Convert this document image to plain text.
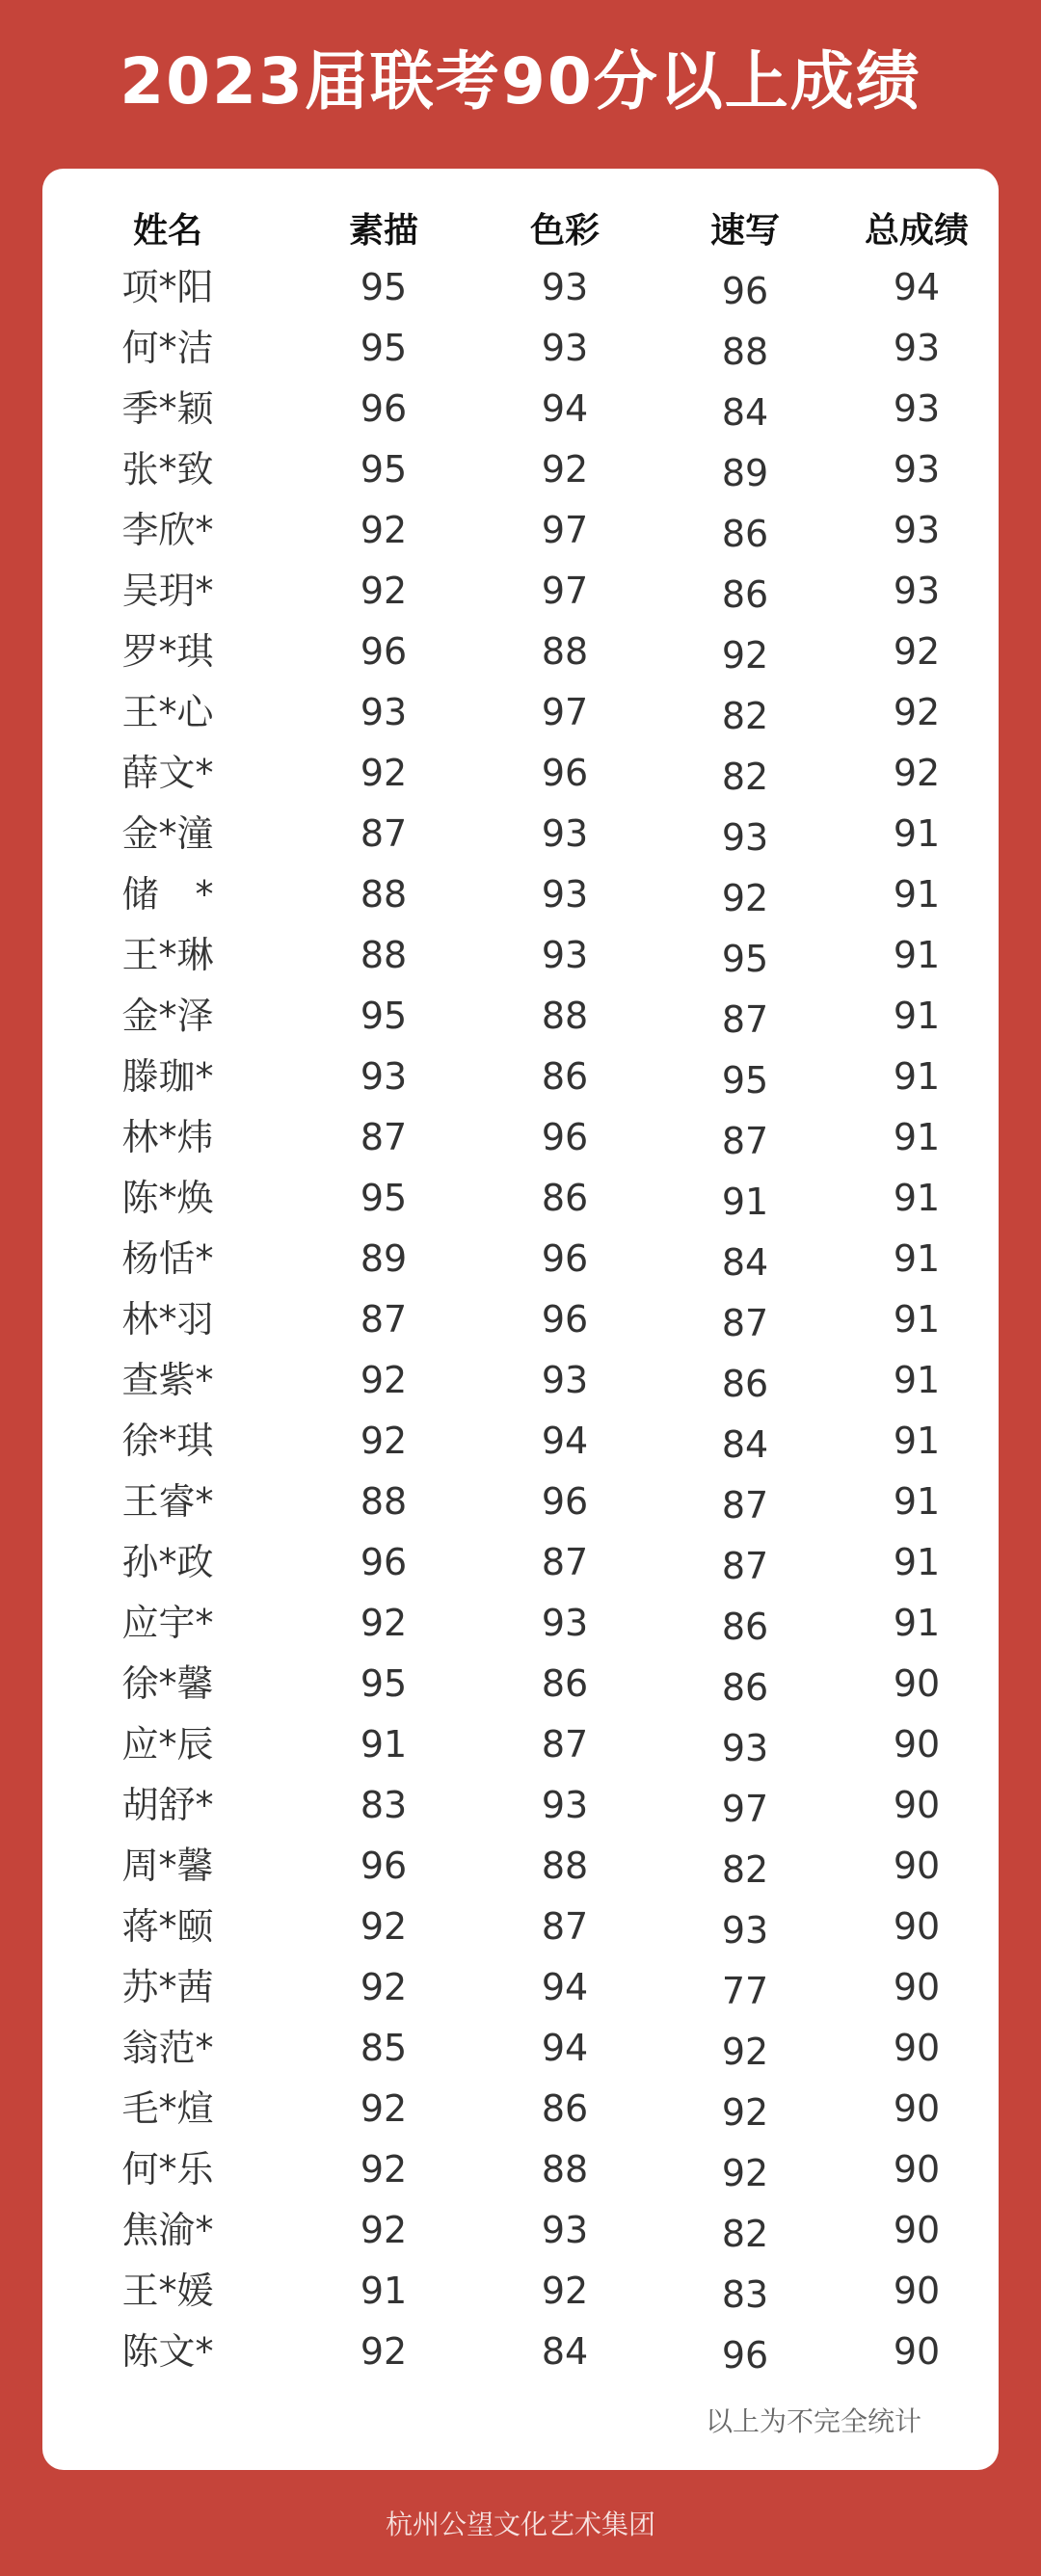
2023届联考90分以上成绩
姓名	素描	色彩	速写	总成绩
项*阳	95	93	96	94
何*洁	95	93	88	93
季*颖	96	94	84	93
张*致	95	92	89	93
李欣*	92	97	86	93
吴玥*	92	97	86	93
罗*琪	96	88	92	92
王*心	93	97	82	92
薛文*	92	96	82	92
金*潼	87	93	93	91
储　*	88	93	92	91
王*琳	88	93	95	91
金*泽	95	88	87	91
滕珈*	93	86	95	91
林*炜	87	96	87	91
陈*焕	95	86	91	91
杨恬*	89	96	84	91
林*羽	87	96	87	91
查紫*	92	93	86	91
徐*琪	92	94	84	91
王睿*	88	96	87	91
孙*政	96	87	87	91
应宇*	92	93	86	91
徐*馨	95	86	86	90
应*辰	91	87	93	90
胡舒*	83	93	97	90
周*馨	96	88	82	90
蒋*颐	92	87	93	90
苏*茜	92	94	77	90
翁范*	85	94	92	90
毛*煊	92	86	92	90
何*乐	92	88	92	90
焦渝*	92	93	82	90
王*媛	91	92	83	90
陈文*	92	84	96	90
以上为不完全统计
杭州公望文化艺术集团
